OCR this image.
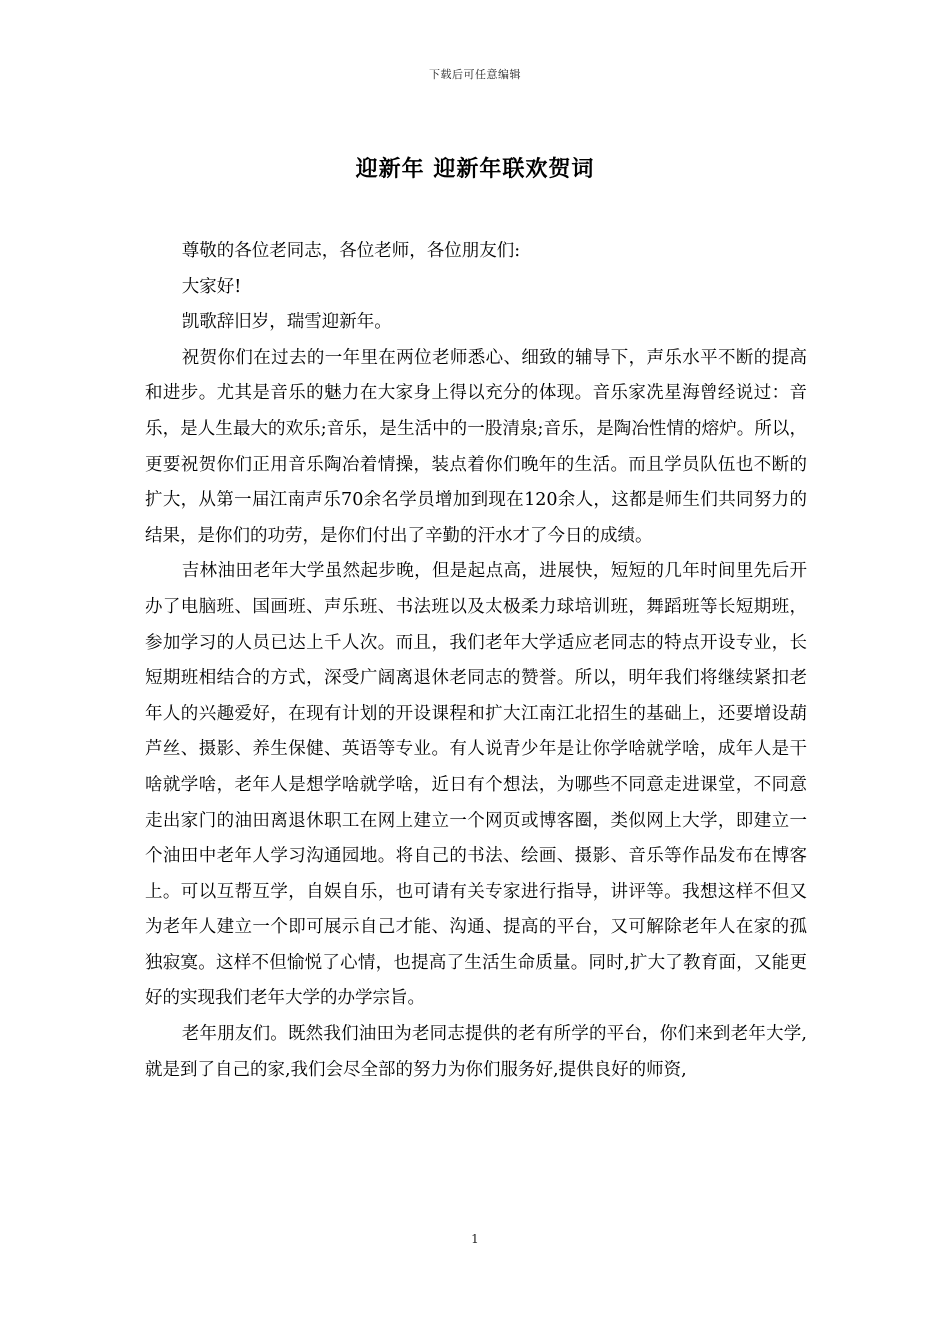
下载后可任意编辑
迎新年 迎新年联欢贺词

尊敬的各位老同志，各位老师，各位朋友们:

大家好!

凯歌辞旧岁，瑞雪迎新年。

祝贺你们在过去的一年里在两位老师悉心、细致的辅导下，声乐水平不断的提高和进步。尤其是音乐的魅力在大家身上得以充分的体现。音乐家冼星海曾经说过：音乐，是人生最大的欢乐;音乐，是生活中的一股清泉;音乐，是陶冶性情的熔炉。所以，更要祝贺你们正用音乐陶冶着情操，装点着你们晚年的生活。而且学员队伍也不断的扩大，从第一届江南声乐70余名学员增加到现在120余人，这都是师生们共同努力的结果，是你们的功劳，是你们付出了辛勤的汗水才了今日的成绩。

吉林油田老年大学虽然起步晚，但是起点高，进展快，短短的几年时间里先后开办了电脑班、国画班、声乐班、书法班以及太极柔力球培训班，舞蹈班等长短期班，参加学习的人员已达上千人次。而且，我们老年大学适应老同志的特点开设专业，长短期班相结合的方式，深受广阔离退休老同志的赞誉。所以，明年我们将继续紧扣老年人的兴趣爱好，在现有计划的开设课程和扩大江南江北招生的基础上，还要增设葫芦丝、摄影、养生保健、英语等专业。有人说青少年是让你学啥就学啥，成年人是干啥就学啥，老年人是想学啥就学啥，近日有个想法，为哪些不同意走进课堂，不同意走出家门的油田离退休职工在网上建立一个网页或博客圈，类似网上大学，即建立一个油田中老年人学习沟通园地。将自己的书法、绘画、摄影、音乐等作品发布在博客上。可以互帮互学，自娱自乐，也可请有关专家进行指导，讲评等。我想这样不但又为老年人建立一个即可展示自己才能、沟通、提高的平台，又可解除老年人在家的孤独寂寞。这样不但愉悦了心情，也提高了生活生命质量。同时,扩大了教育面，又能更好的实现我们老年大学的办学宗旨。

老年朋友们。既然我们油田为老同志提供的老有所学的平台，你们来到老年大学,就是到了自己的家,我们会尽全部的努力为你们服务好,提供良好的师资,

1
